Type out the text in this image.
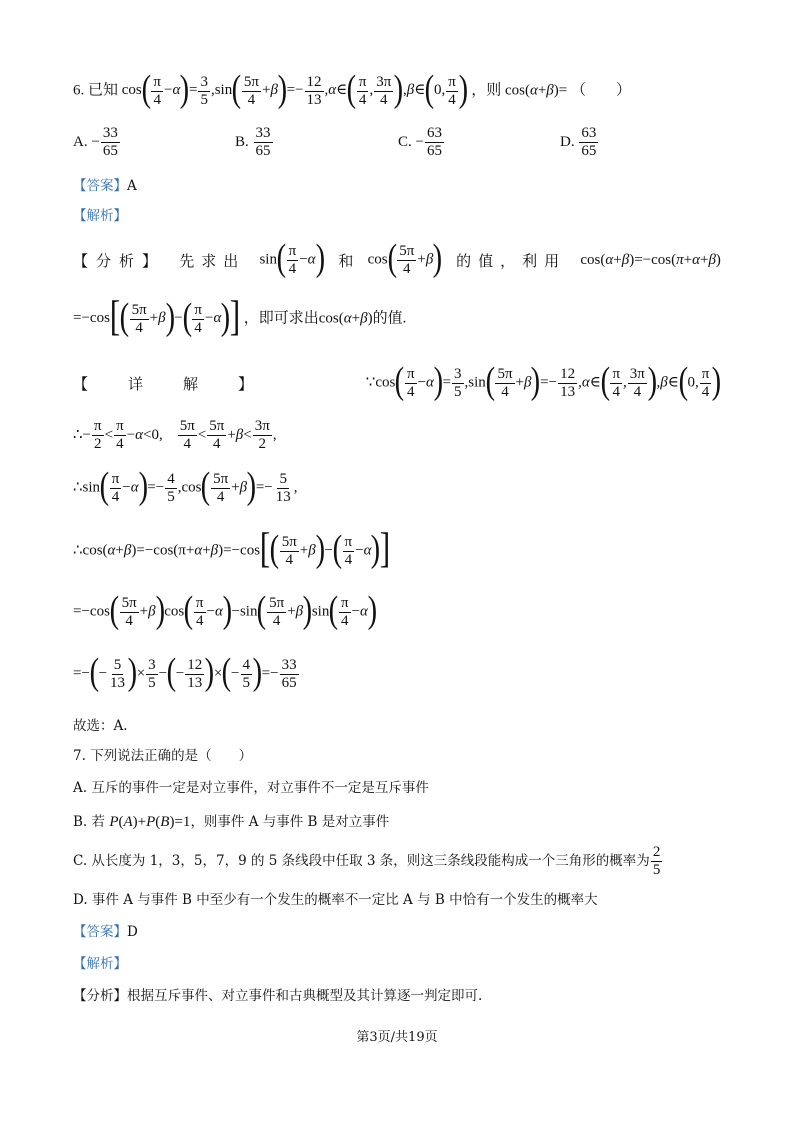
6. 已知 $\cos( \frac{\pi}{4} -\alpha)= \frac{3}{5} ,\sin( \frac{5\pi}{4} +\beta)=- \frac{12}{13}$ ,α∈( $\frac{\pi}{4}$ , $\frac{3\pi}{4}$ ),β∈(0, $\frac{\pi}{4}$ ) ，则 cos(α+β)= （　　）
A. − $\frac{33}{65}$	B. $\frac{33}{65}$	C. − $\frac{63}{65}$	D. $\frac{63}{65}$
【答案】A
【解析】
【分析】 先求出 $\sin( \frac{\pi}{4} -\alpha)$ 和 $\cos( \frac{5\pi}{4} +\beta)$ 的值，利用 cos(α+β)=−cos(π+α+β)
$=-\cos[( \frac{5\pi}{4} +\beta)-( \frac{\pi}{4} -\alpha)]$ ，即可求出cos(α+β)的值.
【详解】	∵cos( $\frac{\pi}{4} -\alpha)= \frac{3}{5} ,\sin( \frac{5\pi}{4} +\beta)=- \frac{12}{13}$ ,α∈( $\frac{\pi}{4}$ , $\frac{3\pi}{4}$ ),β∈(0, $\frac{\pi}{4}$ )
∴− $\frac{\pi}{2} < \frac{\pi}{4} -\alpha<0$, $\frac{5\pi}{4} < \frac{5\pi}{4} +\beta< \frac{3\pi}{2}$ ,
∴sin( $\frac{\pi}{4} -\alpha)=- \frac{4}{5} ,\cos( \frac{5\pi}{4} +\beta)=- \frac{5}{13}$ ,
∴cos(α+β)=−cos(π+α+β)=−cos[( $\frac{5\pi}{4} +\beta)-( \frac{\pi}{4} -\alpha)$]
$=-\cos( \frac{5\pi}{4} +\beta)\cos( \frac{\pi}{4} -\alpha)-\sin( \frac{5\pi}{4} +\beta)\sin( \frac{\pi}{4} -\alpha)$
=−(− $\frac{5}{13}$ )× $\frac{3}{5}$ −(− $\frac{12}{13}$ )×(− $\frac{4}{5}$ )=− $\frac{33}{65}$
故选：A.
7. 下列说法正确的是（　　）
A. 互斥的事件一定是对立事件，对立事件不一定是互斥事件
B. 若 P(A)+P(B)=1，则事件 A 与事件 B 是对立事件
C. 从长度为 1，3，5，7，9 的 5 条线段中任取 3 条，则这三条线段能构成一个三角形的概率为 $\frac{2}{5}$
D. 事件 A 与事件 B 中至少有一个发生的概率不一定比 A 与 B 中恰有一个发生的概率大
【答案】D
【解析】
【分析】根据互斥事件、对立事件和古典概型及其计算逐一判定即可.
第3页/共19页
